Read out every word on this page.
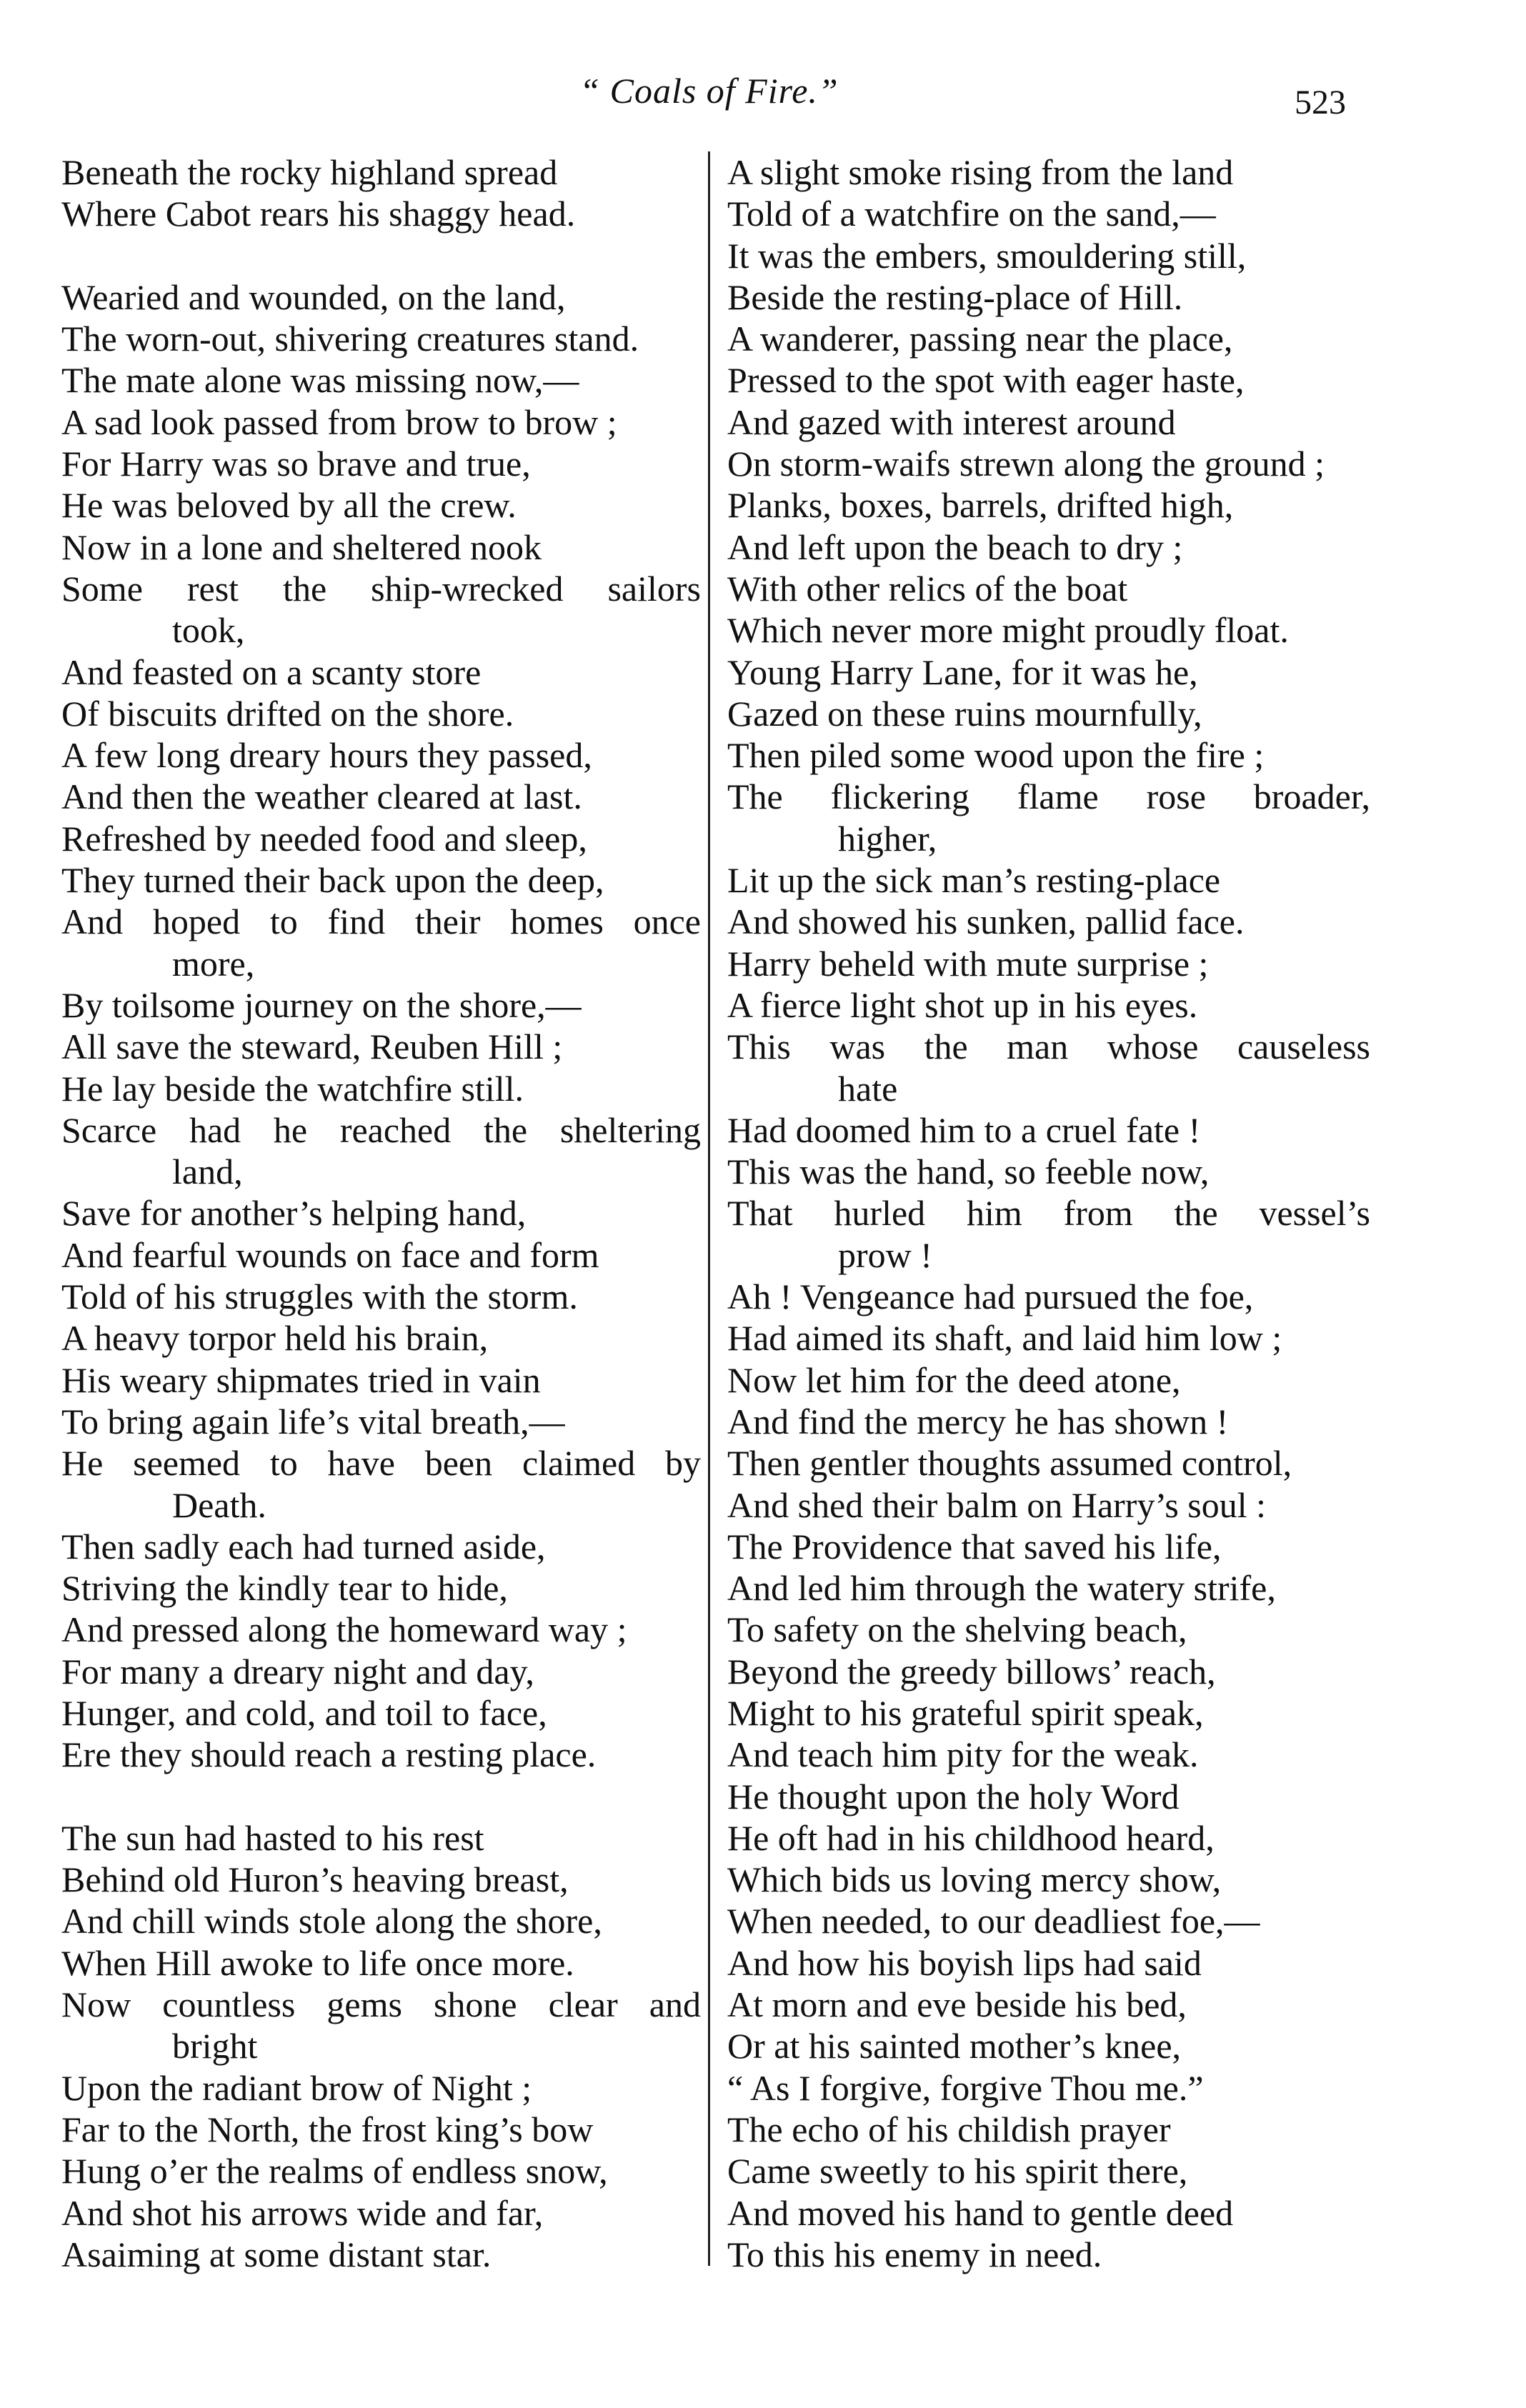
“ Coals of Fire.”	523
Beneath the rocky highland spread
Where Cabot rears his shaggy head.
Wearied and wounded, on the land,
The worn-out, shivering creatures stand.
The mate alone was missing now,—
A sad look passed from brow to brow ;
For Harry was so brave and true,
He was beloved by all the crew.
Now in a lone and sheltered nook
Some rest the ship-wrecked sailors
took,
And feasted on a scanty store
Of biscuits drifted on the shore.
A few long dreary hours they passed,
And then the weather cleared at last.
Refreshed by needed food and sleep,
They turned their back upon the deep,
And hoped to find their homes once
more,
By toilsome journey on the shore,—
All save the steward, Reuben Hill ;
He lay beside the watchfire still.
Scarce had he reached the sheltering
land,
Save for another’s helping hand,
And fearful wounds on face and form
Told of his struggles with the storm.
A heavy torpor held his brain,
His weary shipmates tried in vain
To bring again life’s vital breath,—
He seemed to have been claimed by
Death.
Then sadly each had turned aside,
Striving the kindly tear to hide,
And pressed along the homeward way ;
For many a dreary night and day,
Hunger, and cold, and toil to face,
Ere they should reach a resting place.
The sun had hasted to his rest
Behind old Huron’s heaving breast,
And chill winds stole along the shore,
When Hill awoke to life once more.
Now countless gems shone clear and
bright
Upon the radiant brow of Night ;
Far to the North, the frost king’s bow
Hung o’er the realms of endless snow,
And shot his arrows wide and far,
Asaiming at some distant star.
A slight smoke rising from the land
Told of a watchfire on the sand,—
It was the embers, smouldering still,
Beside the resting-place of Hill.
A wanderer, passing near the place,
Pressed to the spot with eager haste,
And gazed with interest around
On storm-waifs strewn along the ground ;
Planks, boxes, barrels, drifted high,
And left upon the beach to dry ;
With other relics of the boat
Which never more might proudly float.
Young Harry Lane, for it was he,
Gazed on these ruins mournfully,
Then piled some wood upon the fire ;
The flickering flame rose broader,
higher,
Lit up the sick man’s resting-place
And showed his sunken, pallid face.
Harry beheld with mute surprise ;
A fierce light shot up in his eyes.
This was the man whose causeless
hate
Had doomed him to a cruel fate !
This was the hand, so feeble now,
That hurled him from the vessel’s
prow !
Ah ! Vengeance had pursued the foe,
Had aimed its shaft, and laid him low ;
Now let him for the deed atone,
And find the mercy he has shown !
Then gentler thoughts assumed control,
And shed their balm on Harry’s soul :
The Providence that saved his life,
And led him through the watery strife,
To safety on the shelving beach,
Beyond the greedy billows’ reach,
Might to his grateful spirit speak,
And teach him pity for the weak.
He thought upon the holy Word
He oft had in his childhood heard,
Which bids us loving mercy show,
When needed, to our deadliest foe,—
And how his boyish lips had said
At morn and eve beside his bed,
Or at his sainted mother’s knee,
“ As I forgive, forgive Thou me.”
The echo of his childish prayer
Came sweetly to his spirit there,
And moved his hand to gentle deed
To this his enemy in need.
